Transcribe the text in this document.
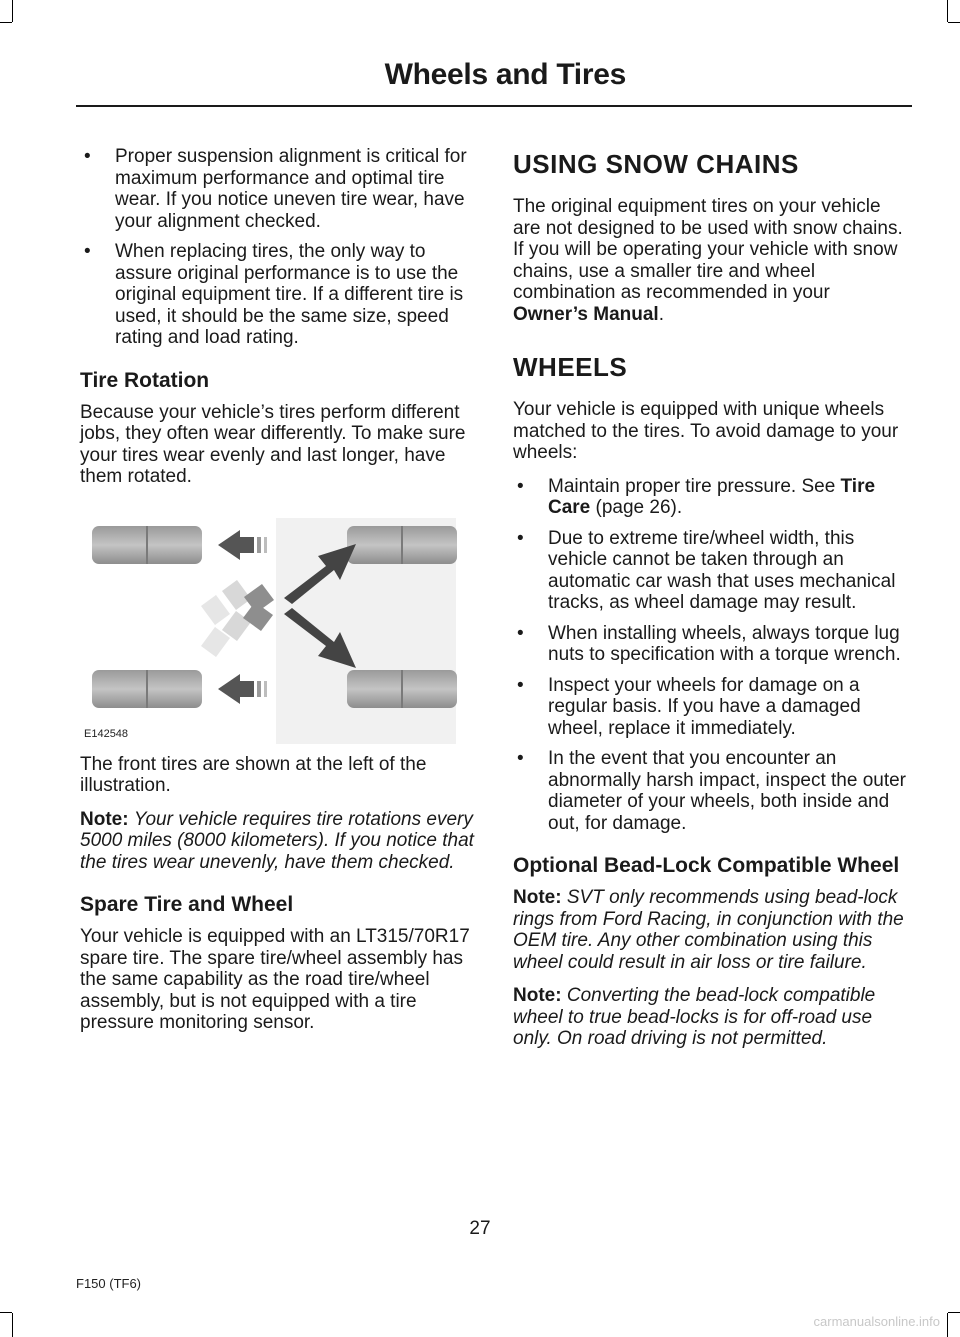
Wheels and Tires
• Proper suspension alignment is critical for maximum performance and optimal tire wear. If you notice uneven tire wear, have your alignment checked.
• When replacing tires, the only way to assure original performance is to use the original equipment tire. If a different tire is used, it should be the same size, speed rating and load rating.
Tire Rotation

Because your vehicle’s tires perform different jobs, they often wear differently. To make sure your tires wear evenly and last longer, have them rotated.

E142548

The front tires are shown at the left of the illustration.

Note: Your vehicle requires tire rotations every 5000 miles (8000 kilometers). If you notice that the tires wear unevenly, have them checked.

Spare Tire and Wheel

Your vehicle is equipped with an LT315/70R17 spare tire. The spare tire/wheel assembly has the same capability as the road tire/wheel assembly, but is not equipped with a tire pressure monitoring sensor.

USING SNOW CHAINS

The original equipment tires on your vehicle are not designed to be used with snow chains. If you will be operating your vehicle with snow chains, use a smaller tire and wheel combination as recommended in your Owner’s Manual.

WHEELS

Your vehicle is equipped with unique wheels matched to the tires. To avoid damage to your wheels:

• Maintain proper tire pressure. See Tire Care (page 26).
• Due to extreme tire/wheel width, this vehicle cannot be taken through an automatic car wash that uses mechanical tracks, as wheel damage may result.
• When installing wheels, always torque lug nuts to specification with a torque wrench.
• Inspect your wheels for damage on a regular basis. If you have a damaged wheel, replace it immediately.
• In the event that you encounter an abnormally harsh impact, inspect the outer diameter of your wheels, both inside and out, for damage.
Optional Bead-Lock Compatible Wheel

Note: SVT only recommends using bead-lock rings from Ford Racing, in conjunction with the OEM tire. Any other combination using this wheel could result in air loss or tire failure.

Note: Converting the bead-lock compatible wheel to true bead-locks is for off-road use only. On road driving is not permitted.

27
F150 (TF6)
carmanualsonline.info
